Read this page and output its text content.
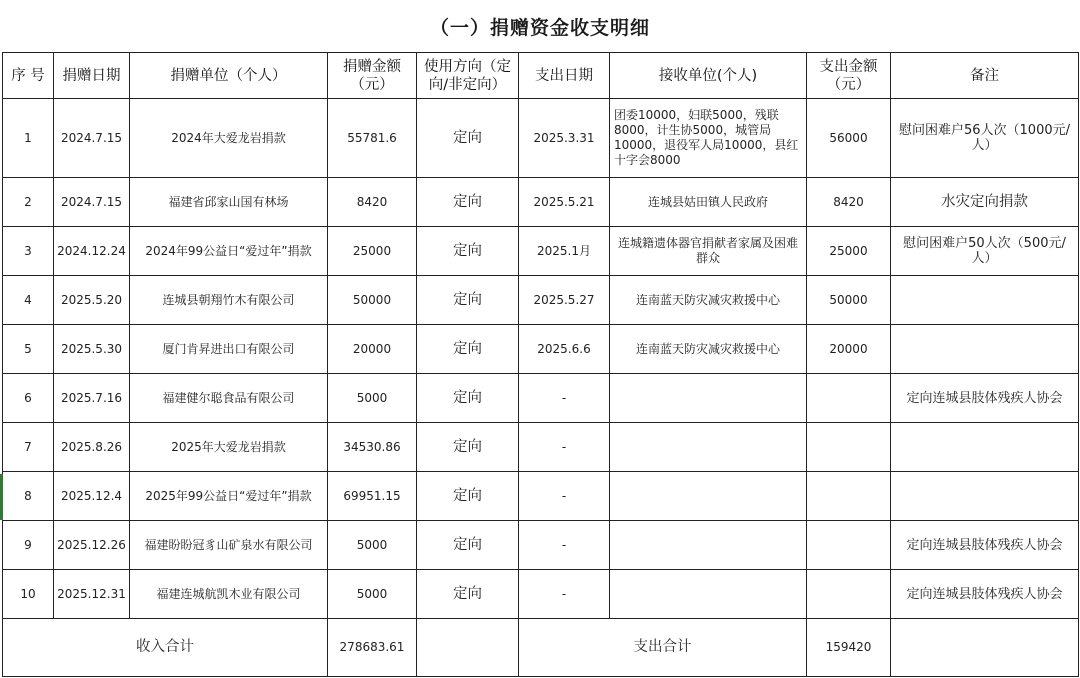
（一）捐赠资金收支明细
序 号	捐赠日期	捐赠单位（个人）	捐赠金额（元）	使用方向（定向/非定向）	支出日期	接收单位(个人)	支出金额（元）	备注
1	2024.7.15	2024年大爱龙岩捐款	55781.6	定向	2025.3.31	团委10000，妇联5000，残联8000，计生协5000，城管局10000，退役军人局10000，县红十字会8000	56000	慰问困难户56人次（1000元/人）
2	2024.7.15	福建省邱家山国有林场	8420	定向	2025.5.21	连城县姑田镇人民政府	8420	水灾定向捐款
3	2024.12.24	2024年99公益日“爱过年”捐款	25000	定向	2025.1月	连城籍遗体器官捐献者家属及困难群众	25000	慰问困难户50人次（500元/人）
4	2025.5.20	连城县朝翔竹木有限公司	50000	定向	2025.5.27	连南蓝天防灾减灾救援中心	50000	
5	2025.5.30	厦门肯昇进出口有限公司	20000	定向	2025.6.6	连南蓝天防灾减灾救援中心	20000	
6	2025.7.16	福建健尔聪食品有限公司	5000	定向	-			定向连城县肢体残疾人协会
7	2025.8.26	2025年大爱龙岩捐款	34530.86	定向	-			
8	2025.12.4	2025年99公益日“爱过年”捐款	69951.15	定向	-			
9	2025.12.26	福建盼盼冠豸山矿泉水有限公司	5000	定向	-			定向连城县肢体残疾人协会
10	2025.12.31	福建连城航凯木业有限公司	5000	定向	-			定向连城县肢体残疾人协会
收入合计			278683.61		支出合计		159420	
